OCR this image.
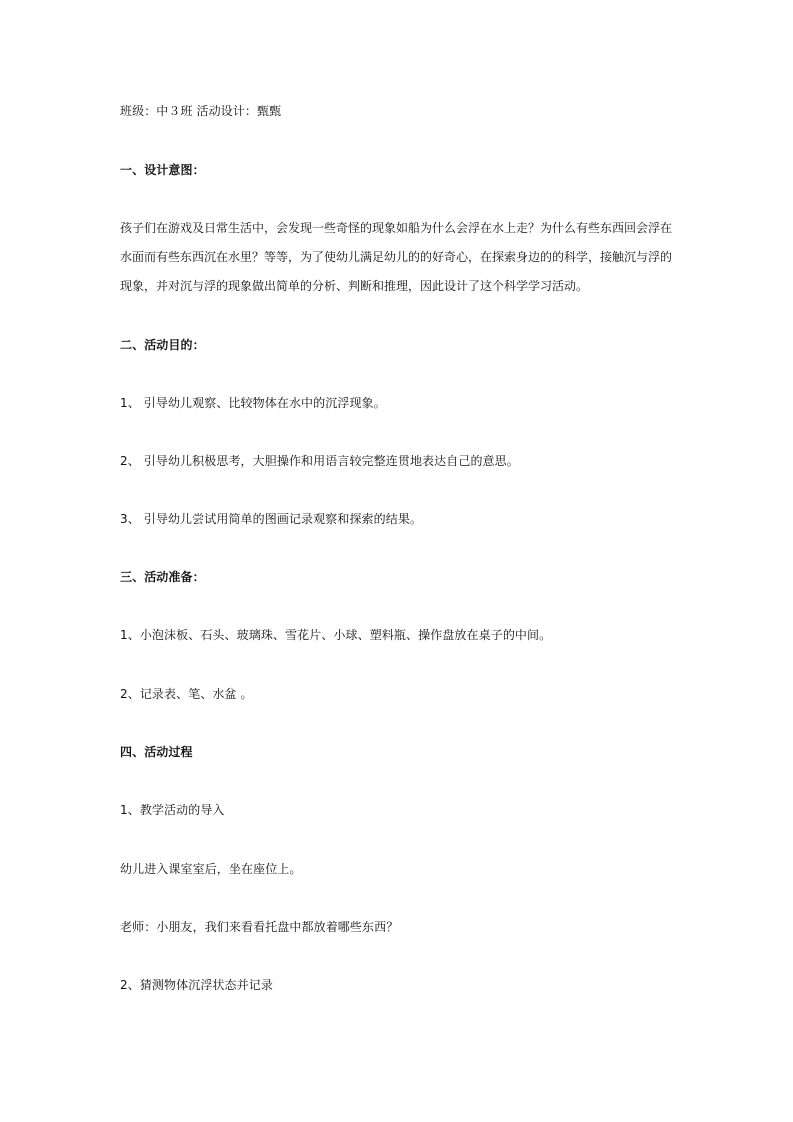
班级：中３班 活动设计：甄甄
一、设计意图：
孩子们在游戏及日常生活中，会发现一些奇怪的现象如船为什么会浮在水上走？为什么有些东西回会浮在
水面而有些东西沉在水里？等等，为了使幼儿满足幼儿的的好奇心，在探索身边的的科学，接触沉与浮的
现象，并对沉与浮的现象做出简单的分析、判断和推理，因此设计了这个科学学习活动。
二、活动目的：
1、 引导幼儿观察、比较物体在水中的沉浮现象。
2、 引导幼儿积极思考，大胆操作和用语言较完整连贯地表达自己的意思。
3、 引导幼儿尝试用简单的图画记录观察和探索的结果。
三、活动准备：
1、小泡沫板、石头、玻璃珠、雪花片、小球、塑料瓶、操作盘放在桌子的中间。
2、记录表、笔、水盆 。
四、活动过程
1、教学活动的导入
幼儿进入课室室后，坐在座位上。
老师：小朋友，我们来看看托盘中都放着哪些东西？
2、猜测物体沉浮状态并记录
